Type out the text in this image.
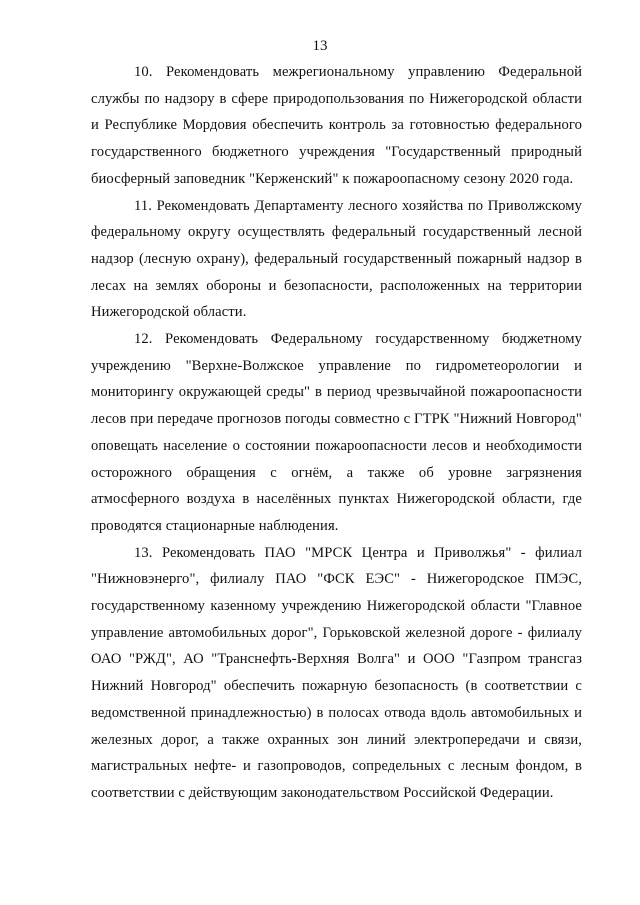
13

10. Рекомендовать межрегиональному управлению Федеральной службы по надзору в сфере природопользования по Нижегородской области и Республике Мордовия обеспечить контроль за готовностью федерального государственного бюджетного учреждения "Государственный природный биосферный заповедник "Керженский" к пожароопасному сезону 2020 года.

11. Рекомендовать Департаменту лесного хозяйства по Приволжскому федеральному округу осуществлять федеральный государственный лесной надзор (лесную охрану), федеральный государственный пожарный надзор в лесах на землях обороны и безопасности, расположенных на территории Нижегородской области.

12. Рекомендовать Федеральному государственному бюджетному учреждению "Верхне-Волжское управление по гидрометеорологии и мониторингу окружающей среды" в период чрезвычайной пожароопасности лесов при передаче прогнозов погоды совместно с ГТРК "Нижний Новгород" оповещать население о состоянии пожароопасности лесов и необходимости осторожного обращения с огнём, а также об уровне загрязнения атмосферного воздуха в населённых пунктах Нижегородской области, где проводятся стационарные наблюдения.

13. Рекомендовать ПАО "МРСК Центра и Приволжья" - филиал "Нижновэнерго", филиалу ПАО "ФСК ЕЭС" - Нижегородское ПМЭС, государственному казенному учреждению Нижегородской области "Главное управление автомобильных дорог", Горьковской железной дороге - филиалу ОАО "РЖД", АО "Транснефть-Верхняя Волга" и ООО "Газпром трансгаз Нижний Новгород" обеспечить пожарную безопасность (в соответствии с ведомственной принадлежностью) в полосах отвода вдоль автомобильных и железных дорог, а также охранных зон линий электропередачи и связи, магистральных нефте- и газопроводов, сопредельных с лесным фондом, в соответствии с действующим законодательством Российской Федерации.
